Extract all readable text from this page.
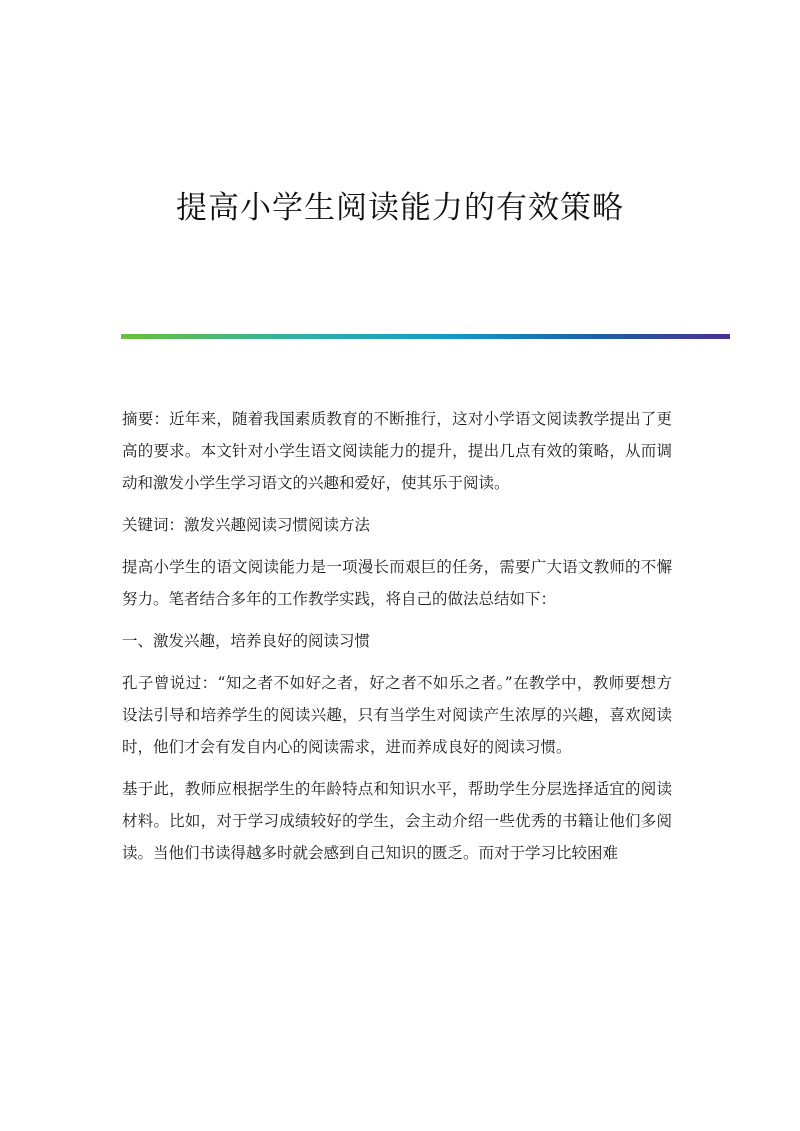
提高小学生阅读能力的有效策略

摘要：近年来，随着我国素质教育的不断推行，这对小学语文阅读教学提出了更高的要求。本文针对小学生语文阅读能力的提升，提出几点有效的策略，从而调动和激发小学生学习语文的兴趣和爱好，使其乐于阅读。

关键词：激发兴趣阅读习惯阅读方法

提高小学生的语文阅读能力是一项漫长而艰巨的任务，需要广大语文教师的不懈努力。笔者结合多年的工作教学实践，将自己的做法总结如下：

一、激发兴趣，培养良好的阅读习惯

孔子曾说过：“知之者不如好之者，好之者不如乐之者。”在教学中，教师要想方设法引导和培养学生的阅读兴趣，只有当学生对阅读产生浓厚的兴趣，喜欢阅读时，他们才会有发自内心的阅读需求，进而养成良好的阅读习惯。

基于此，教师应根据学生的年龄特点和知识水平，帮助学生分层选择适宜的阅读材料。比如，对于学习成绩较好的学生，会主动介绍一些优秀的书籍让他们多阅读。当他们书读得越多时就会感到自己知识的匮乏。而对于学习比较困难
